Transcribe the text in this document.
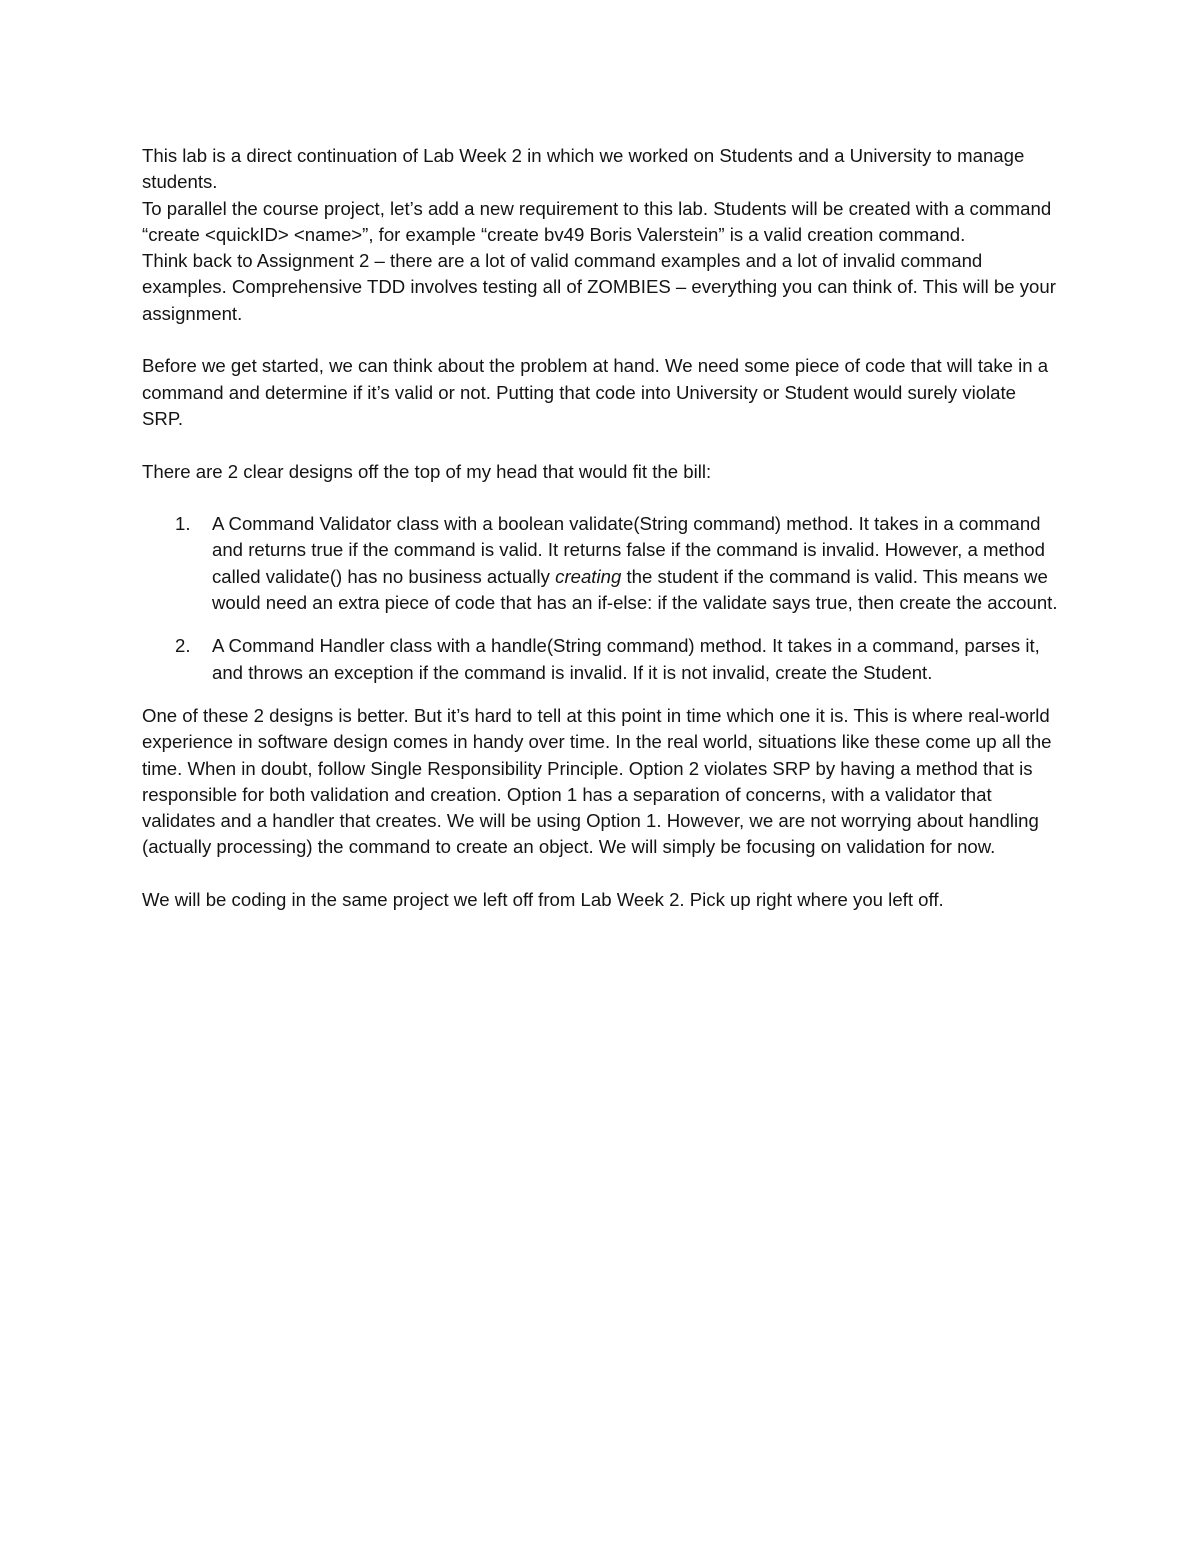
This lab is a direct continuation of Lab Week 2 in which we worked on Students and a University to manage students.

To parallel the course project, let’s add a new requirement to this lab. Students will be created with a command “create <quickID> <name>”, for example “create bv49 Boris Valerstein” is a valid creation command.

Think back to Assignment 2 – there are a lot of valid command examples and a lot of invalid command examples. Comprehensive TDD involves testing all of ZOMBIES – everything you can think of. This will be your assignment.

Before we get started, we can think about the problem at hand. We need some piece of code that will take in a command and determine if it’s valid or not. Putting that code into University or Student would surely violate SRP.

There are 2 clear designs off the top of my head that would fit the bill:

1. A Command Validator class with a boolean validate(String command) method. It takes in a command and returns true if the command is valid. It returns false if the command is invalid. However, a method called validate() has no business actually creating the student if the command is valid. This means we would need an extra piece of code that has an if-else: if the validate says true, then create the account.
2. A Command Handler class with a handle(String command) method. It takes in a command, parses it, and throws an exception if the command is invalid. If it is not invalid, create the Student.

One of these 2 designs is better. But it’s hard to tell at this point in time which one it is. This is where real-world experience in software design comes in handy over time. In the real world, situations like these come up all the time. When in doubt, follow Single Responsibility Principle. Option 2 violates SRP by having a method that is responsible for both validation and creation. Option 1 has a separation of concerns, with a validator that validates and a handler that creates. We will be using Option 1. However, we are not worrying about handling (actually processing) the command to create an object. We will simply be focusing on validation for now.

We will be coding in the same project we left off from Lab Week 2. Pick up right where you left off.
